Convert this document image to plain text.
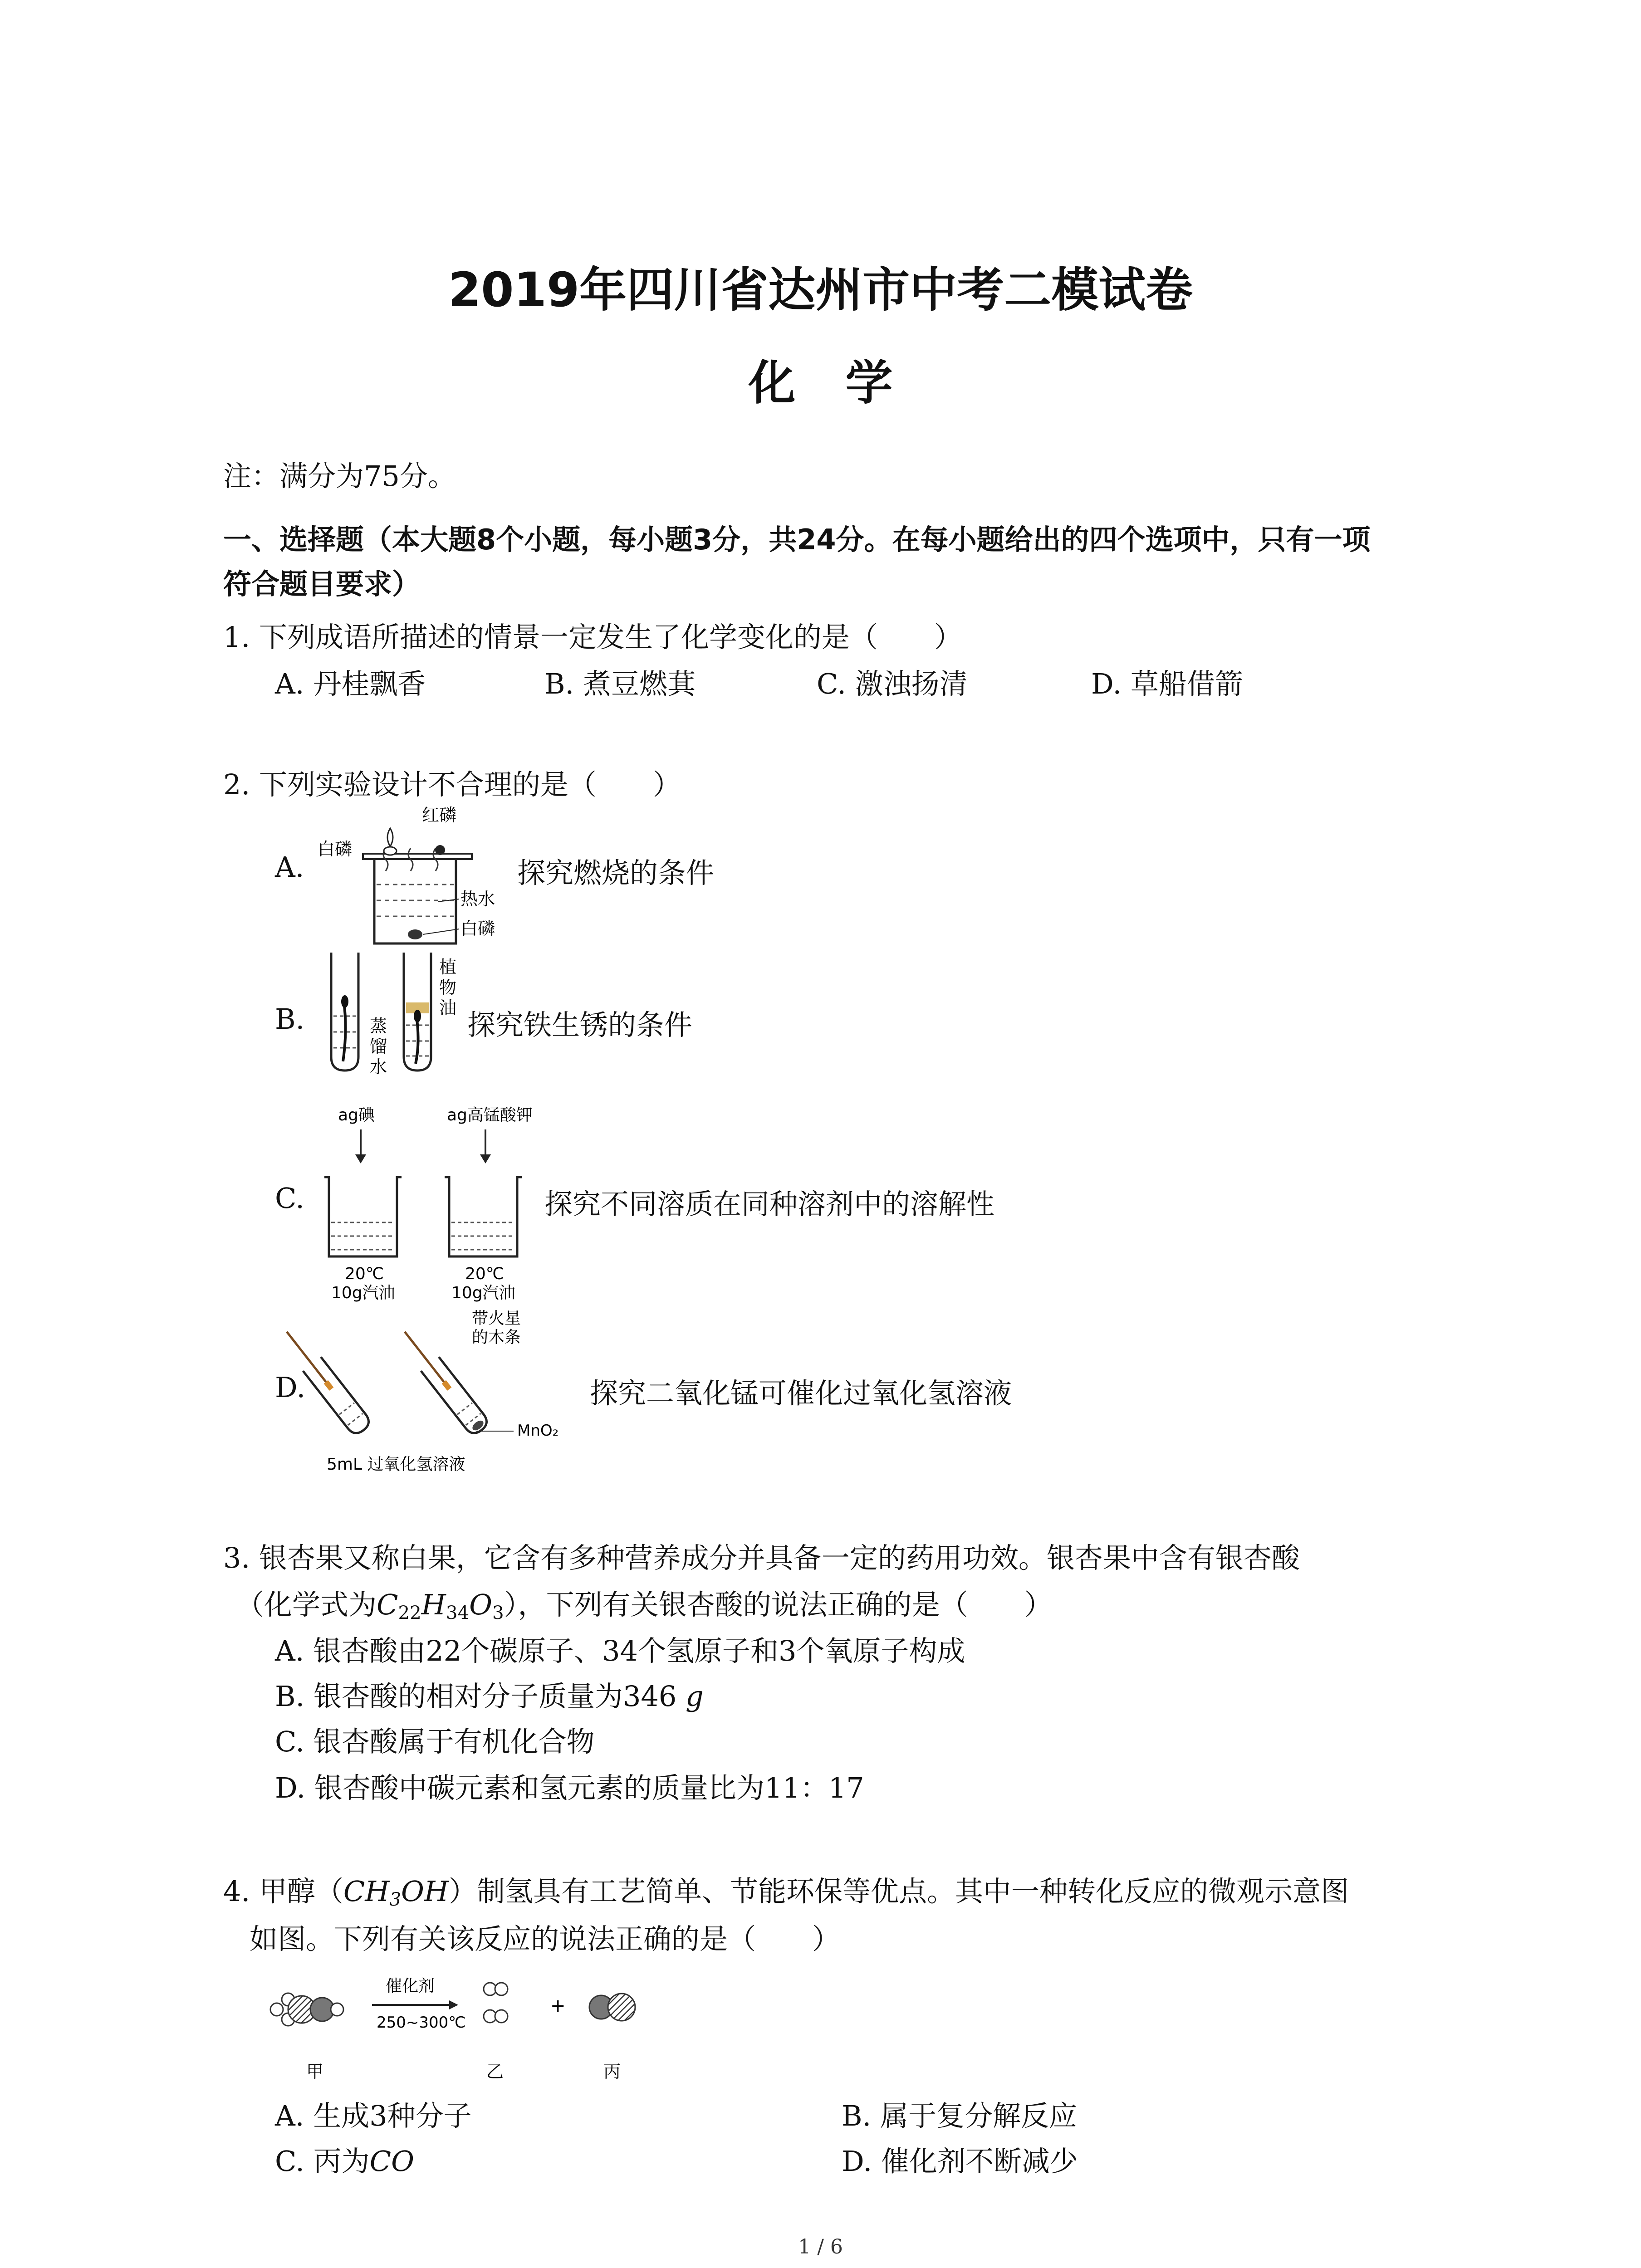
2019年四川省达州市中考二模试卷
化学
注：满分为75分。
一、选择题（本大题8个小题，每小题3分，共24分。在每小题给出的四个选项中，只有一项
符合题目要求）
1. 下列成语所描述的情景一定发生了化学变化的是（　　）
A. 丹桂飘香	B. 煮豆燃萁	C. 激浊扬清	D. 草船借箭
2. 下列实验设计不合理的是（　　）
A.
红磷
白磷
热水
白磷
探究燃烧的条件
B.
植
物
油
蒸
馏
水
探究铁生锈的条件
C.
ag碘	ag高锰酸钾
20℃
10g汽油
20℃
10g汽油
探究不同溶质在同种溶剂中的溶解性
D.
带火星
的木条
MnO₂
5mL 过氧化氢溶液
探究二氧化锰可催化过氧化氢溶液
3. 银杏果又称白果，它含有多种营养成分并具备一定的药用功效。银杏果中含有银杏酸
（化学式为$C_{22}H_{34}O_3$），下列有关银杏酸的说法正确的是（　　）
A. 银杏酸由22个碳原子、34个氢原子和3个氧原子构成
B. 银杏酸的相对分子质量为346 g
C. 银杏酸属于有机化合物
D. 银杏酸中碳元素和氢元素的质量比为11：17
4. 甲醇$(CH_3OH)$制氢具有工艺简单、节能环保等优点。其中一种转化反应的微观示意图
如图。下列有关该反应的说法正确的是（　　）
催化剂
250~300℃
+
甲	乙	丙
A. 生成3种分子	B. 属于复分解反应
C. 丙为CO	D. 催化剂不断减少
1 / 6
